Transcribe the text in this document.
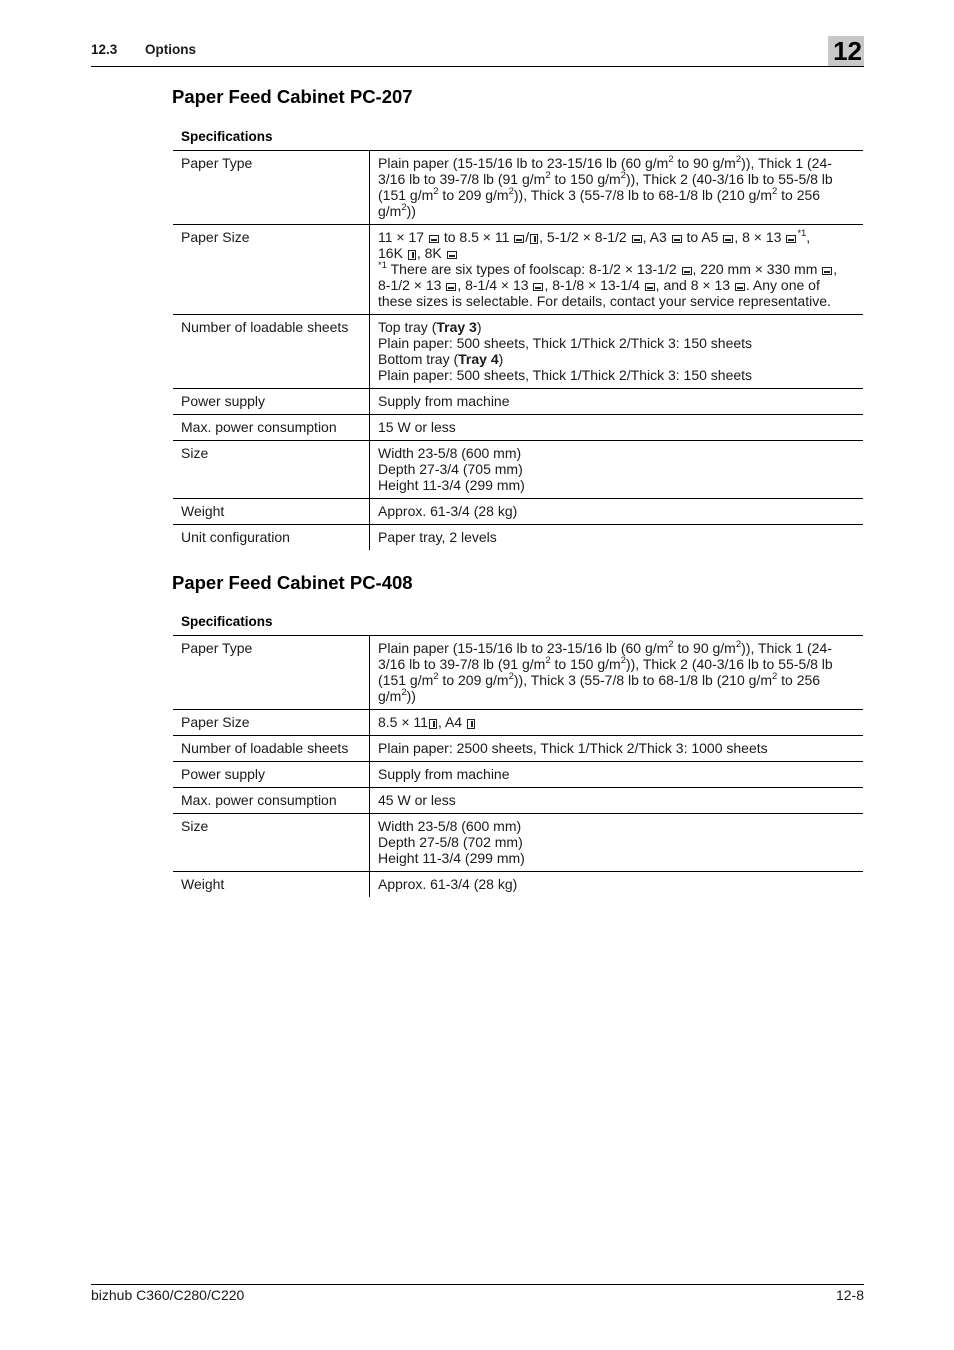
12.3 Options	12
Paper Feed Cabinet PC-207
Specifications
Paper Type	Plain paper (15-15/16 lb to 23-15/16 lb (60 $g/m^2$ to 90 $g/m^2$)), Thick 1 (24-3/16 lb to 39-7/8 lb (91 $g/m^2$ to 150 $g/m^2$)), Thick 2 (40-3/16 lb to 55-5/8 lb (151 $g/m^2$ to 209 $g/m^2$)), Thick 3 (55-7/8 lb to 68-1/8 lb (210 $g/m^2$ to 256 $g/m^2$))
Paper Size	11 × 17  to 8.5 × 11 / , 5-1/2 × 8-1/2 , A3  to A5 , 8 × 13 $^{*1}$,
16K , 8K
$^{*1}$ There are six types of foolscap: 8-1/2 × 13-1/2 , 220 mm × 330 mm , 8-1/2 × 13 , 8-1/4 × 13 , 8-1/8 × 13-1/4 , and 8 × 13 . Any one of these sizes is selectable. For details, contact your service representative.
Number of loadable sheets	Top tray (Tray 3)
Plain paper: 500 sheets, Thick 1/Thick 2/Thick 3: 150 sheets
Bottom tray (Tray 4)
Plain paper: 500 sheets, Thick 1/Thick 2/Thick 3: 150 sheets
Power supply	Supply from machine
Max. power consumption	15 W or less
Size	Width 23-5/8 (600 mm)
Depth 27-3/4 (705 mm)
Height 11-3/4 (299 mm)
Weight	Approx. 61-3/4 (28 kg)
Unit configuration	Paper tray, 2 levels
Paper Feed Cabinet PC-408
Specifications
Paper Type	Plain paper (15-15/16 lb to 23-15/16 lb (60 $g/m^2$ to 90 $g/m^2$)), Thick 1 (24-3/16 lb to 39-7/8 lb (91 $g/m^2$ to 150 $g/m^2$)), Thick 2 (40-3/16 lb to 55-5/8 lb (151 $g/m^2$ to 209 $g/m^2$)), Thick 3 (55-7/8 lb to 68-1/8 lb (210 $g/m^2$ to 256 $g/m^2$))
Paper Size	8.5 × 11 , A4
Number of loadable sheets	Plain paper: 2500 sheets, Thick 1/Thick 2/Thick 3: 1000 sheets
Power supply	Supply from machine
Max. power consumption	45 W or less
Size	Width 23-5/8 (600 mm)
Depth 27-5/8 (702 mm)
Height 11-3/4 (299 mm)
Weight	Approx. 61-3/4 (28 kg)
bizhub C360/C280/C220	12-8
